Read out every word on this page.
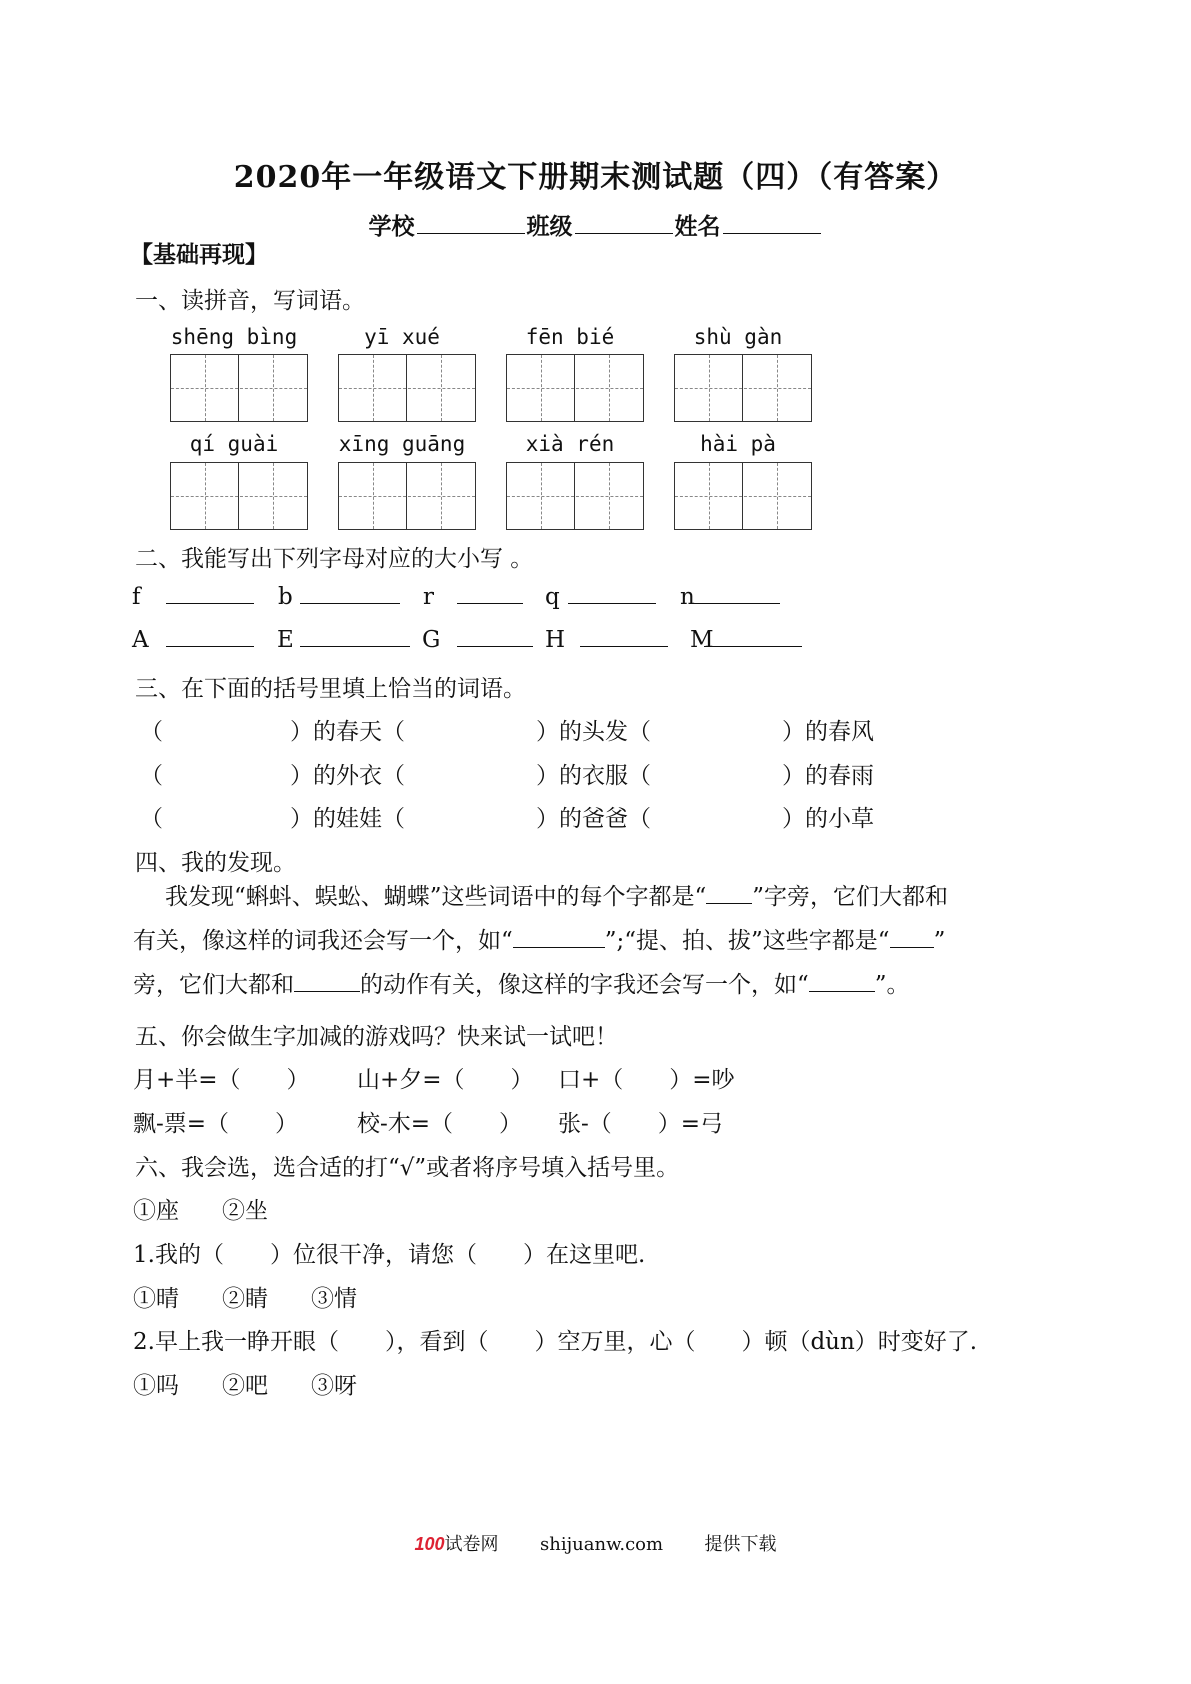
2020年一年级语文下册期末测试题（四）（有答案）
学校	班级	姓名
【基础再现】
一、读拼音，写词语。
shēng bìng	yī xué	fēn bié	shù gàn
qí guài	xīng guāng	xià rén	hài pà
二、我能写出下列字母对应的大小写 。
f	b	r	q	n
A	E	G	H	M
三、在下面的括号里填上恰当的词语。
（	）的春天（	）的头发（	）的春风
（	）的外衣（	）的衣服（	）的春雨
（	）的娃娃（	）的爸爸（	）的小草
四、我的发现。
我发现“蝌蚪、蜈蚣、蝴蝶”这些词语中的每个字都是“ ”字旁，它们大都和
有关，像这样的词我还会写一个，如“	”;“提、拍、拔”这些字都是“ ”
旁，它们大都和	的动作有关，像这样的字我还会写一个，如“	”。
五、你会做生字加减的游戏吗？快来试一试吧！
月+半=（　　） 山+夕=（　　） 口+（　　）=吵
飘-票=（　　）	校-木=（　　） 张-（　　）=弓
六、我会选，选合适的打“√”或者将序号填入括号里。
①座 ②坐
1.我的（　　）位很干净，请您（　　）在这里吧.
①晴 ②睛 ③情
2.早上我一睁开眼（　　），看到（　　）空万里，心（　　）顿（dùn）时变好了.
①吗 ②吧 ③呀
100试卷网 shijuanw.com 提供下载
